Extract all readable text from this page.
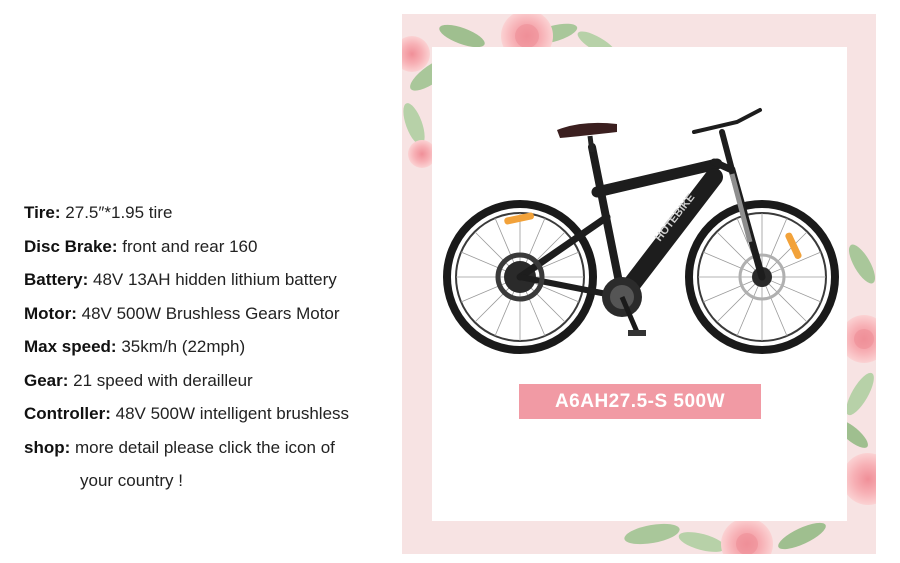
Tire: 27.5″*1.95 tire
Disc Brake: front and rear 160
Battery: 48V 13AH hidden lithium battery
Motor: 48V 500W Brushless Gears Motor
Max speed: 35km/h (22mph)
Gear: 21 speed with derailleur
Controller: 48V 500W intelligent brushless
shop: more detail please click the icon of
your country !
HOTEBIKE
A6AH27.5-S 500W
